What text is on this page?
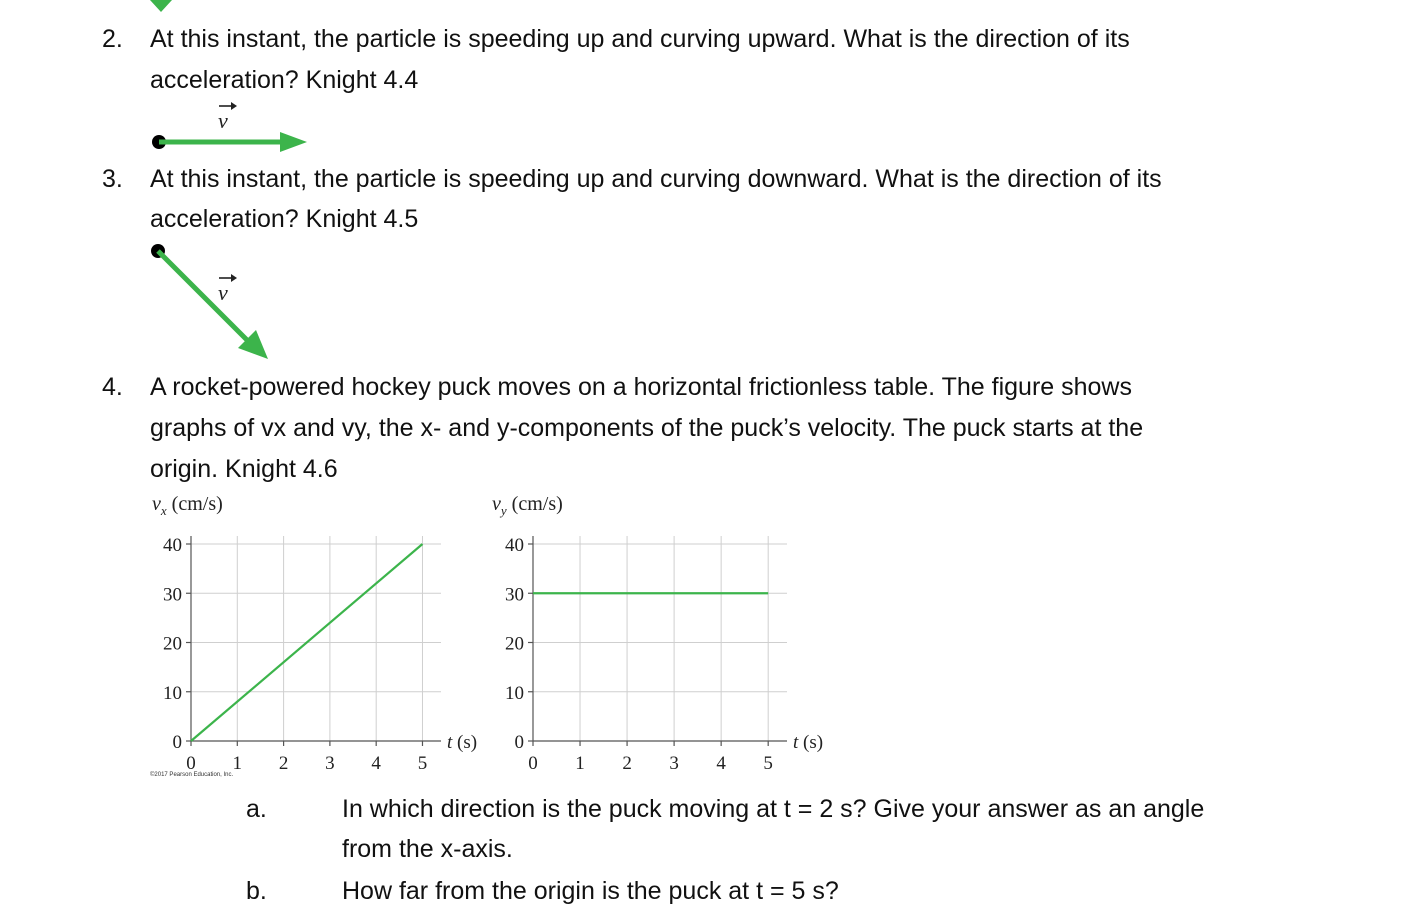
2. At this instant, the particle is speeding up and curving upward. What is the direction of its
acceleration? Knight 4.4
v
3. At this instant, the particle is speeding up and curving downward. What is the direction of its
acceleration? Knight 4.5
v
4. A rocket-powered hockey puck moves on a horizontal frictionless table. The figure shows
graphs of vx and vy, the x- and y-components of the puck’s velocity. The puck starts at the
origin. Knight 4.6
0
10
20
30
40
0 1 2 3 4 5
t (s)
$v_x$ (cm/s)
0
10
20
30
40
0 1 2 3 4 5
t (s)
$v_y$ (cm/s)
©2017 Pearson Education, Inc.
a.	In which direction is the puck moving at t = 2 s? Give your answer as an angle
from the x-axis.
b.	How far from the origin is the puck at t = 5 s?
